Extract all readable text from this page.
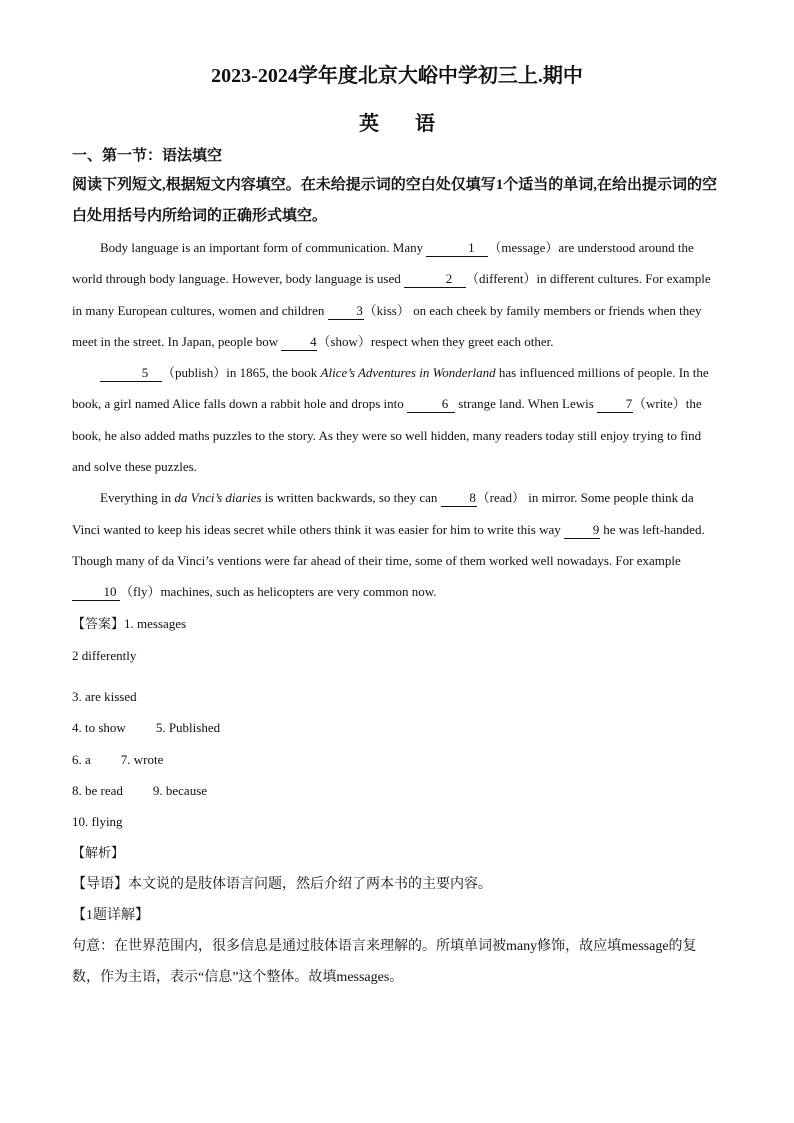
2023-2024学年度北京大峪中学初三上.期中
英语
一、第一节：语法填空
阅读下列短文,根据短文内容填空。在未给提示词的空白处仅填写1个适当的单词,在给出提示词的空白处用括号内所给词的正确形式填空。

Body language is an important form of communication. Many	1 （message）are understood around the world through body language. However, body language is used	2 （different）in different cultures. For example in many European cultures, women and children 3（kiss） on each cheek by family members or friends when they meet in the street. In Japan, people bow 4（show）respect when they greet each other.

5 （publish）in 1865, the book Alice’s Adventures in Wonderland has influenced millions of people. In the book, a girl named Alice falls down a rabbit hole and drops into	6 strange land. When Lewis 7（write）the book, he also added maths puzzles to the story. As they were so well hidden, many readers today still enjoy trying to find and solve these puzzles.

Everything in da Vnci’s diaries is written backwards, so they can 8（read） in mirror. Some people think da Vinci wanted to keep his ideas secret while others think it was easier for him to write this way 9 he was left-handed. Though many of da Vinci’s ventions were far ahead of their time, some of them worked well nowadays. For example 10 （fly）machines, such as helicopters are very common now.

【答案】1. messages
2 differently
3. are kissed
4. to show 5. Published
6. a 7. wrote
8. be read 9. because
10. flying
【解析】
【导语】本文说的是肢体语言问题，然后介绍了两本书的主要内容。
【1题详解】
句意：在世界范围内，很多信息是通过肢体语言来理解的。所填单词被many修饰，故应填message的复数，作为主语，表示“信息”这个整体。故填messages。
